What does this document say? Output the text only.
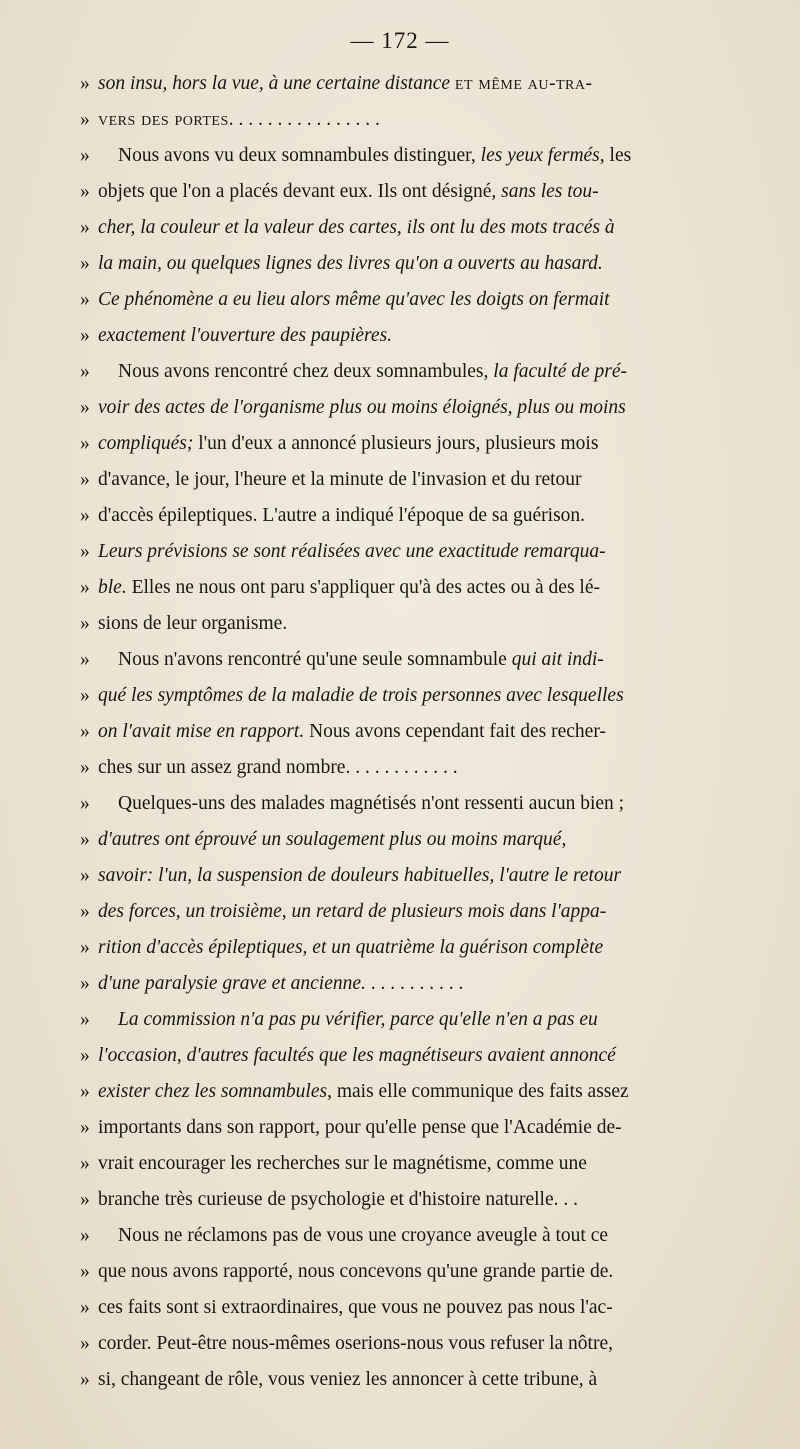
— 172 —
» son insu, hors la vue, à une certaine distance et même au-tra-
» vers des portes. . . . . . . . . . . . . . . .
» Nous avons vu deux somnambules distinguer, les yeux fermés, les
» objets que l'on a placés devant eux. Ils ont désigné, sans les tou-
» cher, la couleur et la valeur des cartes, ils ont lu des mots tracés à
» la main, ou quelques lignes des livres qu'on a ouverts au hasard.
» Ce phénomène a eu lieu alors même qu'avec les doigts on fermait
» exactement l'ouverture des paupières.
» Nous avons rencontré chez deux somnambules, la faculté de pré-
» voir des actes de l'organisme plus ou moins éloignés, plus ou moins
» compliqués; l'un d'eux a annoncé plusieurs jours, plusieurs mois
» d'avance, le jour, l'heure et la minute de l'invasion et du retour
» d'accès épileptiques. L'autre a indiqué l'époque de sa guérison.
» Leurs prévisions se sont réalisées avec une exactitude remarqua-
» ble. Elles ne nous ont paru s'appliquer qu'à des actes ou à des lé-
» sions de leur organisme.
» Nous n'avons rencontré qu'une seule somnambule qui ait indi-
» qué les symptômes de la maladie de trois personnes avec lesquelles
» on l'avait mise en rapport. Nous avons cependant fait des recher-
» ches sur un assez grand nombre. . . . . . . . . . . .
» Quelques-uns des malades magnétisés n'ont ressenti aucun bien ;
» d'autres ont éprouvé un soulagement plus ou moins marqué,
» savoir: l'un, la suspension de douleurs habituelles, l'autre le retour
» des forces, un troisième, un retard de plusieurs mois dans l'appa-
» rition d'accès épileptiques, et un quatrième la guérison complète
» d'une paralysie grave et ancienne. . . . . . . . . . .
» La commission n'a pas pu vérifier, parce qu'elle n'en a pas eu
» l'occasion, d'autres facultés que les magnétiseurs avaient annoncé
» exister chez les somnambules, mais elle communique des faits assez
» importants dans son rapport, pour qu'elle pense que l'Académie de-
» vrait encourager les recherches sur le magnétisme, comme une
» branche très curieuse de psychologie et d'histoire naturelle. . .
» Nous ne réclamons pas de vous une croyance aveugle à tout ce
» que nous avons rapporté, nous concevons qu'une grande partie de.
» ces faits sont si extraordinaires, que vous ne pouvez pas nous l'ac-
» corder. Peut-être nous-mêmes oserions-nous vous refuser la nôtre,
» si, changeant de rôle, vous veniez les annoncer à cette tribune, à
